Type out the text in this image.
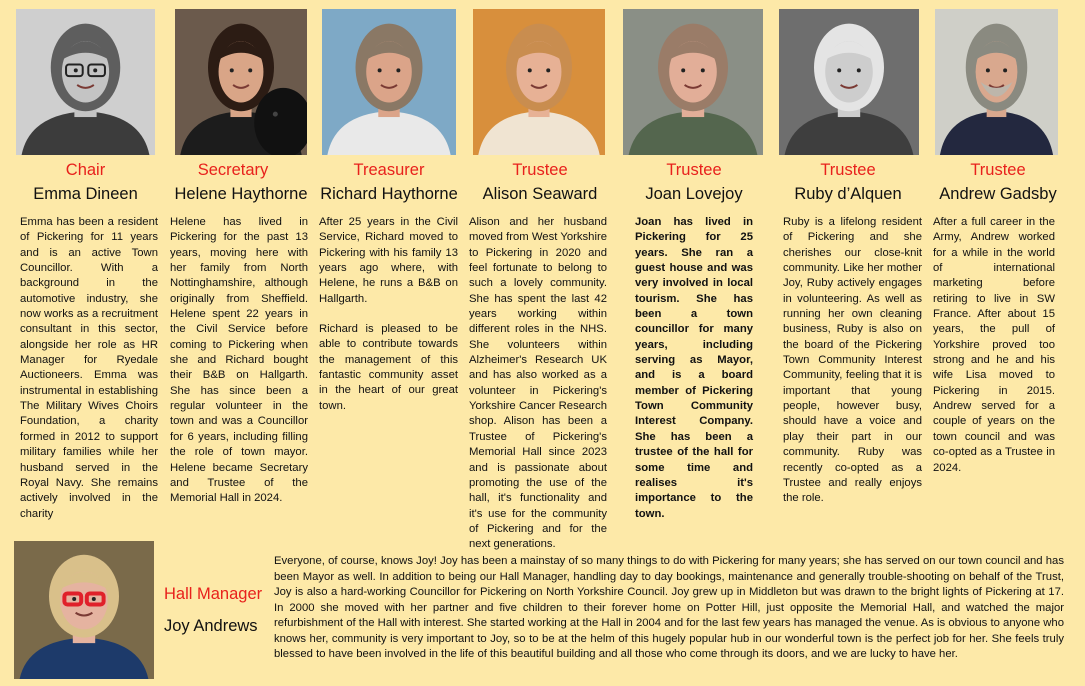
Chair
Emma Dineen

Emma has been a resident of Pickering for 11 years and is an active Town Councillor. With a background in the automotive industry, she now works as a recruitment consultant in this sector, alongside her role as HR Manager for Ryedale Auctioneers. Emma was instrumental in establishing The Military Wives Choirs Foundation, a charity formed in 2012 to support military families while her husband served in the Royal Navy. She remains actively involved in the charity

Secretary
Helene Haythorne

Helene has lived in Pickering for the past 13 years, moving here with her family from North Nottinghamshire, although originally from Sheffield. Helene spent 22 years in the Civil Service before coming to Pickering when she and Richard bought their B&B on Hallgarth. She has since been a regular volunteer in the town and was a Councillor for 6 years, including filling the role of town mayor. Helene became Secretary and Trustee of the Memorial Hall in 2024.

Treasurer
Richard Haythorne

After 25 years in the Civil Service, Richard moved to Pickering with his family 13 years ago where, with Helene, he runs a B&B on Hallgarth.

Richard is pleased to be able to contribute towards the management of this fantastic community asset in the heart of our great town.

Trustee
Alison Seaward

Alison and her husband moved from West Yorkshire to Pickering in 2020 and feel fortunate to belong to such a lovely community. She has spent the last 42 years working within different roles in the NHS. She volunteers within Alzheimer's Research UK and has also worked as a volunteer in Pickering's Yorkshire Cancer Research shop. Alison has been a Trustee of Pickering's Memorial Hall since 2023 and is passionate about promoting the use of the hall, it's functionality and it's use for the community of Pickering and for the next generations.

Trustee
Joan Lovejoy

Joan has lived in Pickering for 25 years. She ran a guest house and was very involved in local tourism. She has been a town councillor for many years, including serving as Mayor, and is a board member of Pickering Town Community Interest Company. She has been a trustee of the hall for some time and realises it's importance to the town.

Trustee
Ruby d’Alquen

Ruby is a lifelong resident of Pickering and she cherishes our close-knit community. Like her mother Joy, Ruby actively engages in volunteering. As well as running her own cleaning business, Ruby is also on the board of the Pickering Town Community Interest Community, feeling that it is important that young people, however busy, should have a voice and play their part in our community. Ruby was recently co-opted as a Trustee and really enjoys the role.

Trustee
Andrew Gadsby

After a full career in the Army, Andrew worked for a while in the world of international marketing before retiring to live in SW France. After about 15 years, the pull of Yorkshire proved too strong and he and his wife Lisa moved to Pickering in 2015. Andrew served for a couple of years on the town council and was co-opted as a Trustee in 2024.

Hall Manager
Joy Andrews
Everyone, of course, knows Joy! Joy has been a mainstay of so many things to do with Pickering for many years; she has served on our town council and has been Mayor as well. In addition to being our Hall Manager, handling day to day bookings, maintenance and generally trouble-shooting on behalf of the Trust, Joy is also a hard-working Councillor for Pickering on North Yorkshire Council. Joy grew up in Middleton but was drawn to the bright lights of Pickering at 17. In 2000 she moved with her partner and five children to their forever home on Potter Hill, just opposite the Memorial Hall, and watched the major refurbishment of the Hall with interest. She started working at the Hall in 2004 and for the last few years has managed the venue. As is obvious to anyone who knows her, community is very important to Joy, so to be at the helm of this hugely popular hub in our wonderful town is the perfect job for her. She feels truly blessed to have been involved in the life of this beautiful building and all those who come through its doors, and we are lucky to have her.
